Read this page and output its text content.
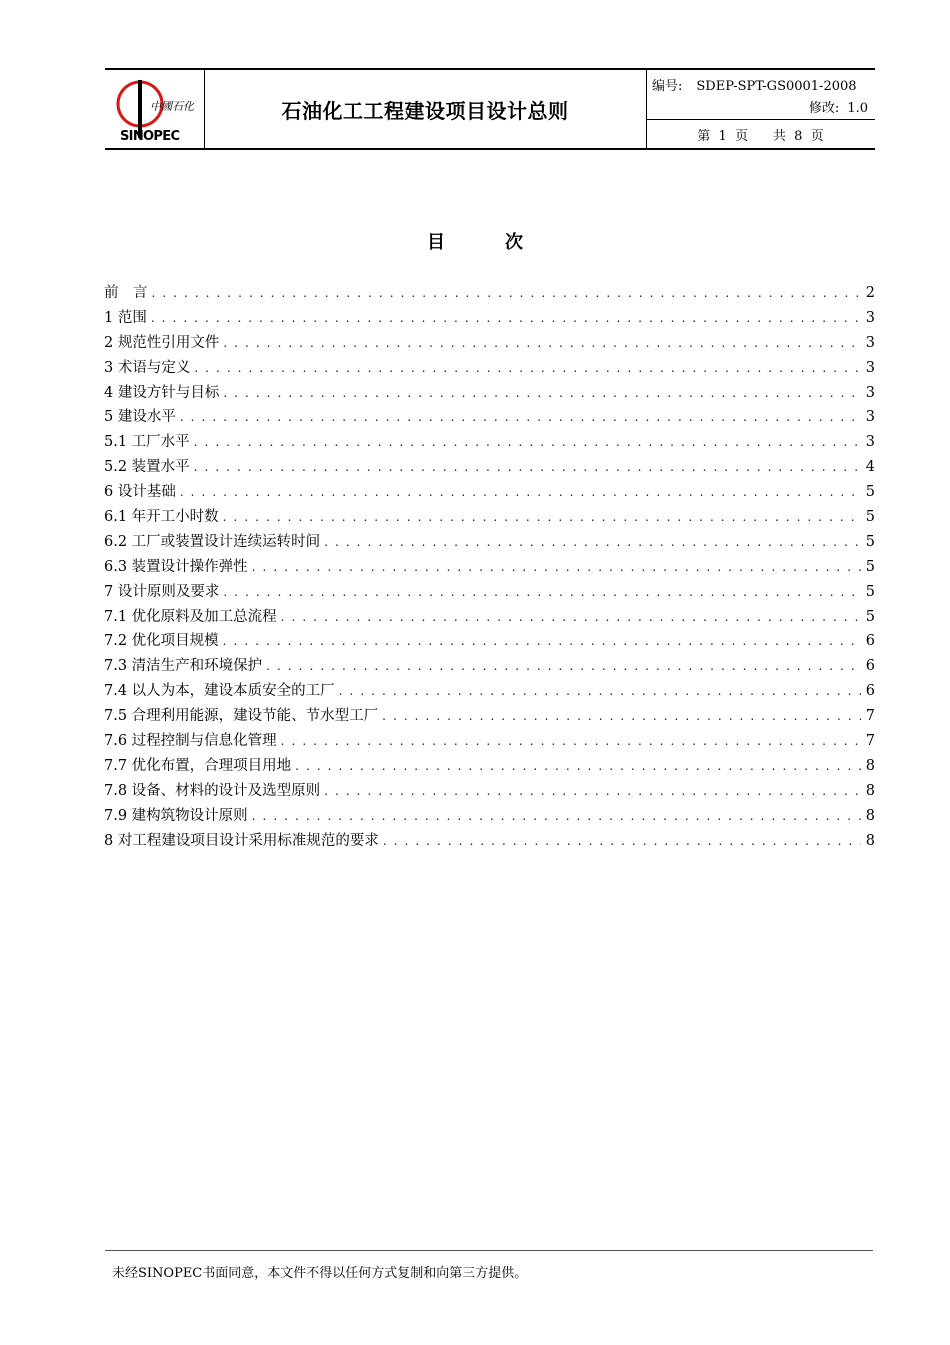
中國石化
SINOPEC
石油化工工程建设项目设计总则
编号: SDEP-SPT-GS0001-2008
修改: 1.0
第  1  页      共  8  页
目	次
前　言 . . .	2
1 范围 . . .	3
2 规范性引用文件 . . .	3
3 术语与定义 . . .	3
4 建设方针与目标 . . .	3
5 建设水平 . . .	3
5.1 工厂水平 . . .	3
5.2 装置水平 . . .	4
6 设计基础 . . .	5
6.1 年开工小时数 . . .	5
6.2 工厂或装置设计连续运转时间 . . .	5
6.3 装置设计操作弹性 . . .	5
7 设计原则及要求 . . .	5
7.1 优化原料及加工总流程 . . .	5
7.2 优化项目规模 . . .	6
7.3 清洁生产和环境保护 . . .	6
7.4 以人为本，建设本质安全的工厂 . . .	6
7.5 合理利用能源，建设节能、节水型工厂 . . .	7
7.6 过程控制与信息化管理 . . .	7
7.7 优化布置，合理项目用地 . . .	8
7.8 设备、材料的设计及选型原则 . . .	8
7.9 建构筑物设计原则 . . .	8
8 对工程建设项目设计采用标准规范的要求 . . .	8
未经SINOPEC书面同意，本文件不得以任何方式复制和向第三方提供。
